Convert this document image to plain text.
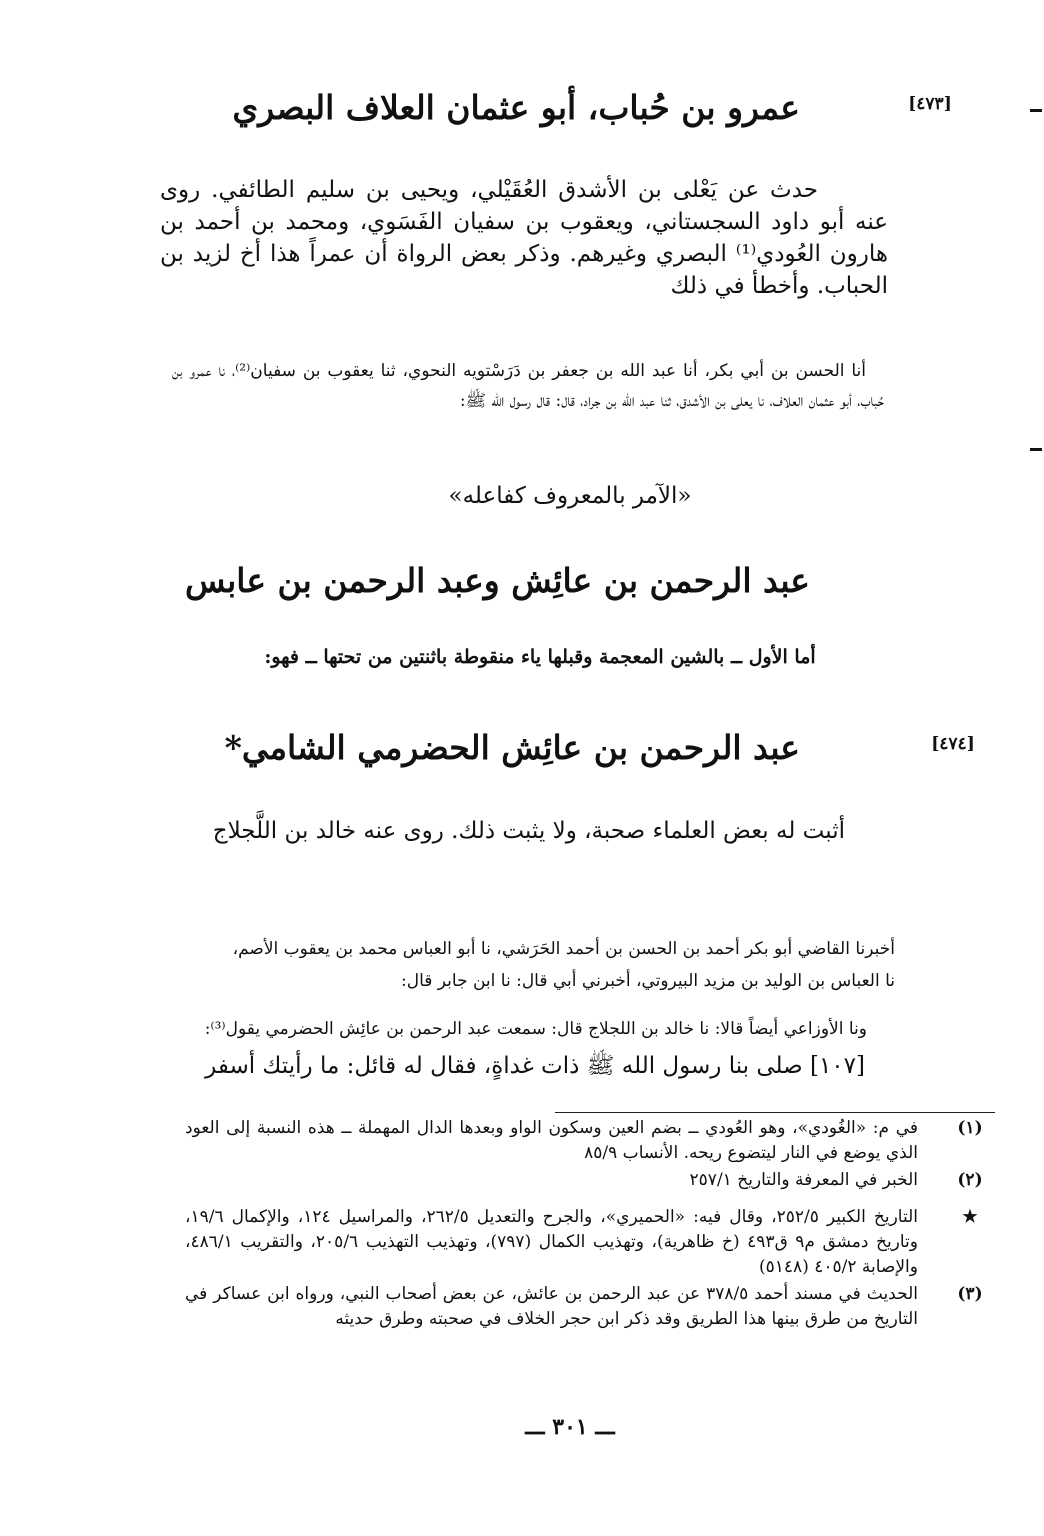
[٤٧٣]
عمرو بن حُباب، أبو عثمان العلاف البصري
حدث عن يَعْلى بن الأشدق العُقَيْلي، ويحيى بن سليم الطائفي. روى عنه أبو داود السجستاني، ويعقوب بن سفيان الفَسَوي، ومحمد بن أحمد بن هارون العُودي⁽¹⁾ البصري وغيرهم. وذكر بعض الرواة أن عمراً هذا أخ لزيد بن الحباب. وأخطأ في ذلك
أنا الحسن بن أبي بكر، أنا عبد الله بن جعفر بن دَرَسْتويه النحوي، ثنا يعقوب بن سفيان⁽²⁾، نا عمرو بن حُباب، أبو عثمان العلاف، نا يعلى بن الأشدق، ثنا عبد الله بن جراد، قال: قال رسول الله ﷺ:
«الآمر بالمعروف كفاعله»
عبد الرحمن بن عائِش وعبد الرحمن بن عابس
أما الأول ــ بالشين المعجمة وقبلها ياء منقوطة باثنتين من تحتها ــ فهو:
[٤٧٤]
عبد الرحمن بن عائِش الحضرمي الشامي*
أثبت له بعض العلماء صحبة، ولا يثبت ذلك. روى عنه خالد بن اللَّجلاج
أخبرنا القاضي أبو بكر أحمد بن الحسن بن أحمد الحَرَشي، نا أبو العباس محمد بن يعقوب الأصم،
نا العباس بن الوليد بن مزيد البيروتي، أخبرني أبي قال: نا ابن جابر قال:
ونا الأوزاعي أيضاً قالا: نا خالد بن اللجلاج قال: سمعت عبد الرحمن بن عائِش الحضرمي يقول⁽³⁾:
[١٠٧] صلى بنا رسول الله ﷺ ذات غداةٍ، فقال له قائل: ما رأيتك أسفر
(١)
في م: «الغُودي»، وهو العُودي ــ بضم العين وسكون الواو وبعدها الدال المهملة ــ هذه النسبة إلى العود الذي يوضع في النار ليتضوع ريحه. الأنساب ٨٥/٩
(٢)
الخبر في المعرفة والتاريخ ٢٥٧/١
★
التاريخ الكبير ٢٥٢/٥، وقال فيه: «الحميري»، والجرح والتعديل ٢٦٢/٥، والمراسيل ١٢٤، والإكمال ١٩/٦، وتاريخ دمشق م٩ ق٤٩٣ (خ ظاهرية)، وتهذيب الكمال (٧٩٧)، وتهذيب التهذيب ٢٠٥/٦، والتقريب ٤٨٦/١، والإصابة ٤٠٥/٢ (٥١٤٨)
(٣)
الحديث في مسند أحمد ٣٧٨/٥ عن عبد الرحمن بن عائش، عن بعض أصحاب النبي، ورواه ابن عساكر في التاريخ من طرق بينها هذا الطريق وقد ذكر ابن حجر الخلاف في صحبته وطرق حديثه
ـــ ٣٠١ ـــ
